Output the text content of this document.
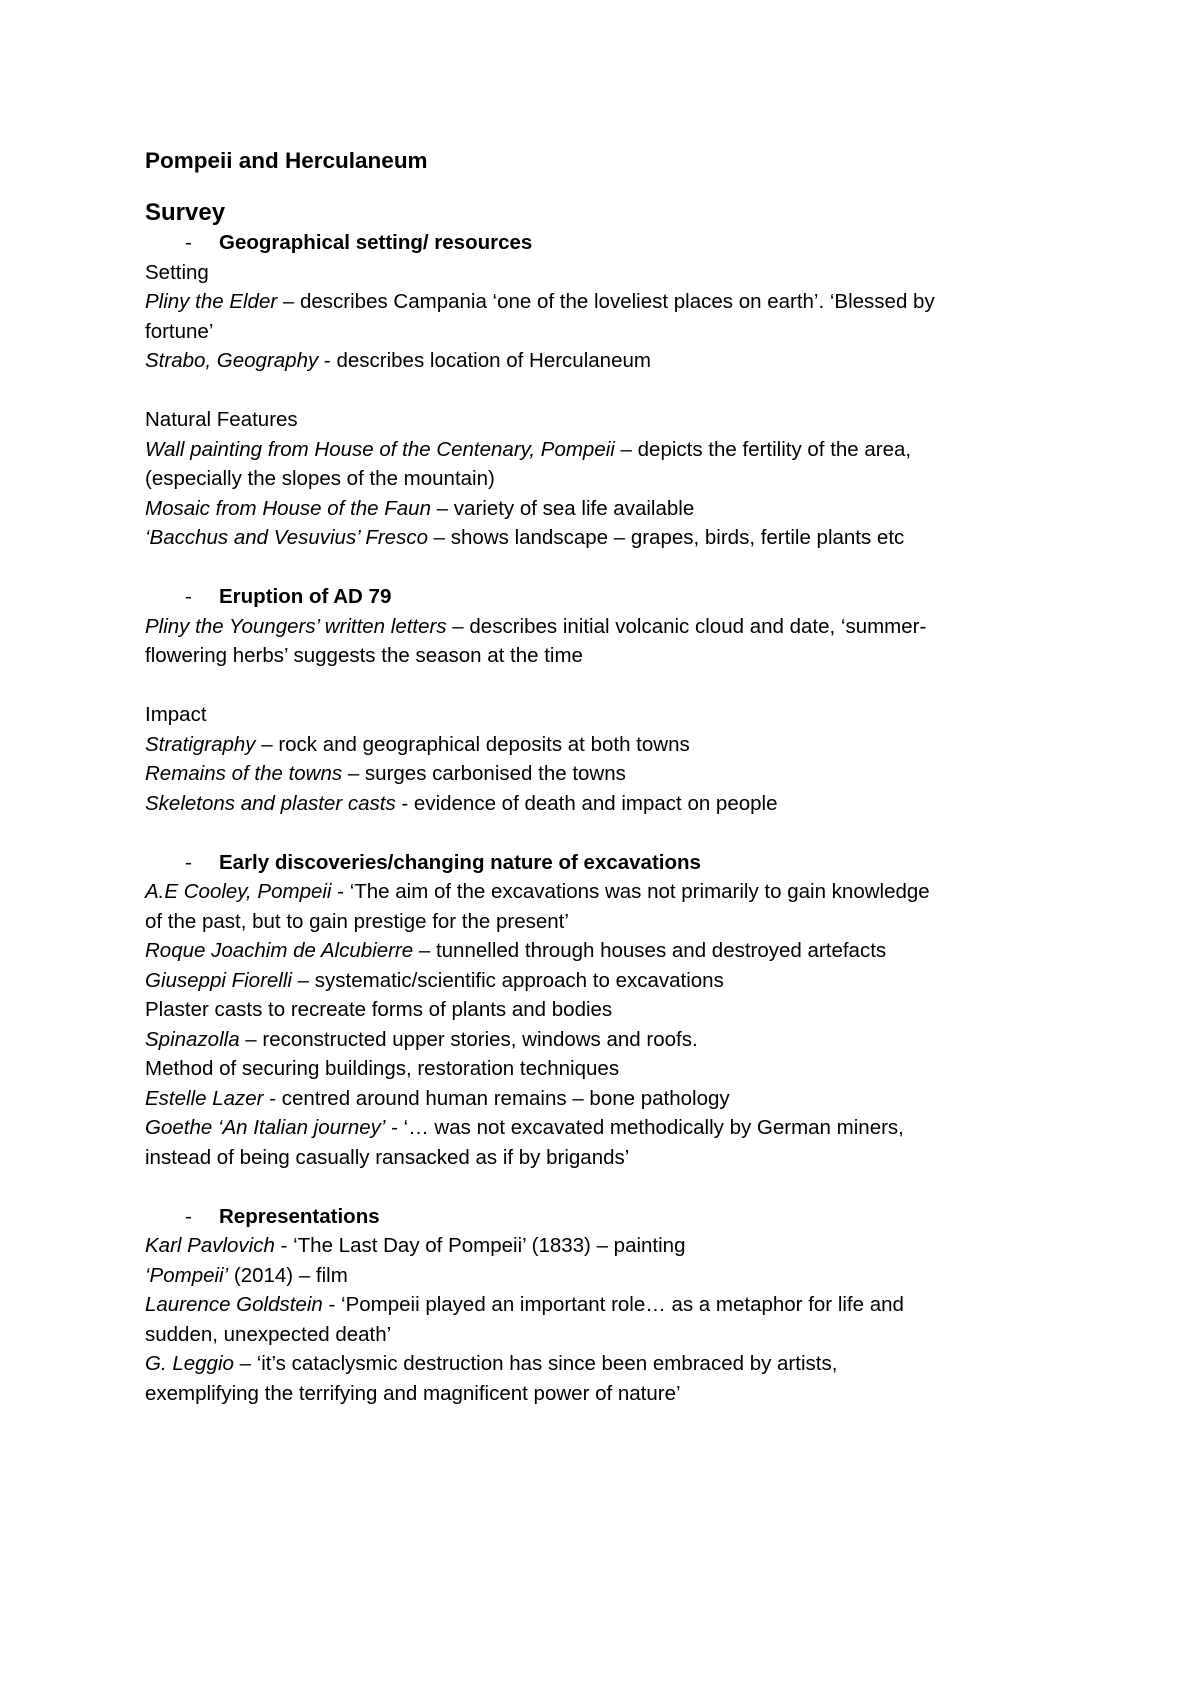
Pompeii and Herculaneum

Survey

- Geographical setting/ resources

Setting

Pliny the Elder – describes Campania ‘one of the loveliest places on earth’. ‘Blessed by

fortune’

Strabo, Geography - describes location of Herculaneum

Natural Features

Wall painting from House of the Centenary, Pompeii – depicts the fertility of the area,

(especially the slopes of the mountain)

Mosaic from House of the Faun – variety of sea life available

‘Bacchus and Vesuvius’ Fresco – shows landscape – grapes, birds, fertile plants etc

- Eruption of AD 79

Pliny the Youngers’ written letters – describes initial volcanic cloud and date, ‘summer-

flowering herbs’ suggests the season at the time

Impact

Stratigraphy – rock and geographical deposits at both towns

Remains of the towns – surges carbonised the towns

Skeletons and plaster casts - evidence of death and impact on people

- Early discoveries/changing nature of excavations

A.E Cooley, Pompeii - ‘The aim of the excavations was not primarily to gain knowledge

of the past, but to gain prestige for the present’

Roque Joachim de Alcubierre – tunnelled through houses and destroyed artefacts

Giuseppi Fiorelli – systematic/scientific approach to excavations

Plaster casts to recreate forms of plants and bodies

Spinazolla – reconstructed upper stories, windows and roofs.

Method of securing buildings, restoration techniques

Estelle Lazer - centred around human remains – bone pathology

Goethe ‘An Italian journey’ - ‘… was not excavated methodically by German miners,

instead of being casually ransacked as if by brigands’

- Representations

Karl Pavlovich - ‘The Last Day of Pompeii’ (1833) – painting

‘Pompeii’ (2014) – film

Laurence Goldstein - ‘Pompeii played an important role… as a metaphor for life and

sudden, unexpected death’

G. Leggio – ‘it’s cataclysmic destruction has since been embraced by artists,

exemplifying the terrifying and magnificent power of nature’
